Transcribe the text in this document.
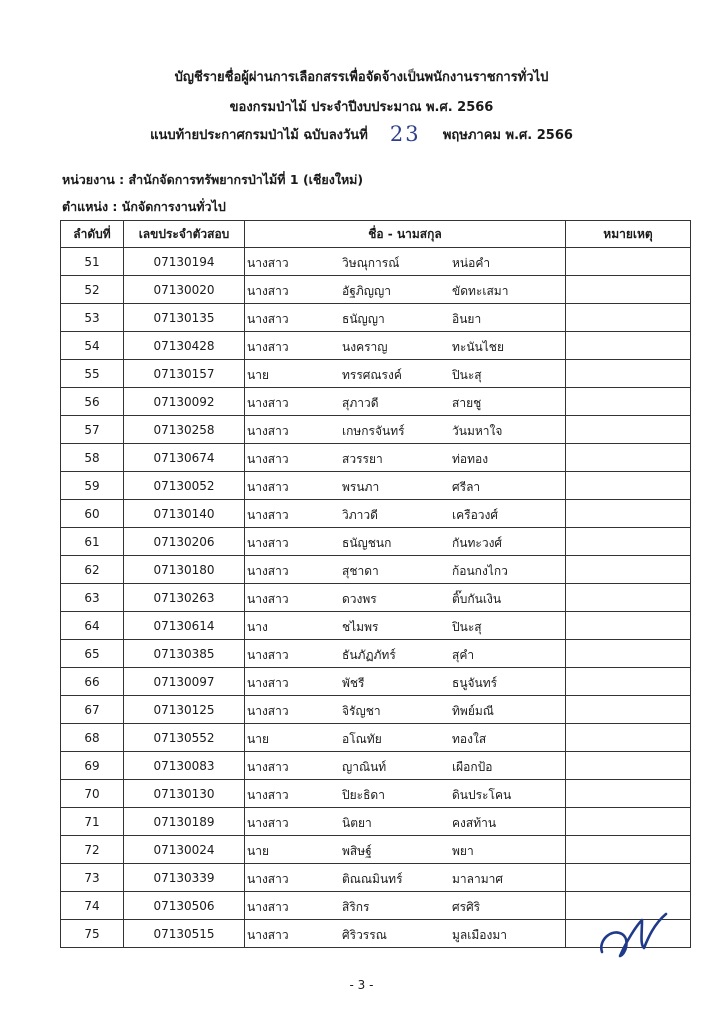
บัญชีรายชื่อผู้ผ่านการเลือกสรรเพื่อจัดจ้างเป็นพนักงานราชการทั่วไป
ของกรมป่าไม้ ประจำปีงบประมาณ พ.ศ. 2566
แนบท้ายประกาศกรมป่าไม้ ฉบับลงวันที่ 23 พฤษภาคม พ.ศ. 2566
หน่วยงาน : สำนักจัดการทรัพยากรป่าไม้ที่ 1 (เชียงใหม่)
ตำแหน่ง : นักจัดการงานทั่วไป
ลำดับที่	เลขประจำตัวสอบ	ชื่อ - นามสกุล	หมายเหตุ
51	07130194	นางสาว วิษณุการณ์ หน่อคำ	

52	07130020	นางสาว อัฐภิญญา ขัดทะเสมา	

53	07130135	นางสาว ธนัญญา อินยา	

54	07130428	นางสาว นงคราญ ทะนันไชย	

55	07130157	นาย ทรรศณรงค์ ปินะสุ	

56	07130092	นางสาว สุภาวดี สายชู	

57	07130258	นางสาว เกษกรจันทร์ วันมหาใจ	

58	07130674	นางสาว สวรรยา ท่อทอง	

59	07130052	นางสาว พรนภา ศรีลา	

60	07130140	นางสาว วิภาวดี เครือวงศ์	

61	07130206	นางสาว ธนัญชนก กันทะวงศ์	

62	07130180	นางสาว สุชาดา ก้อนกงไกว	

63	07130263	นางสาว ดวงพร ติ๊บกันเงิน	

64	07130614	นาง ชไมพร ปินะสุ	

65	07130385	นางสาว ธันภัฏภัทร์ สุคำ	

66	07130097	นางสาว พัชรี ธนูจันทร์	

67	07130125	นางสาว จิรัญชา ทิพย์มณี	

68	07130552	นาย อโณทัย ทองใส	

69	07130083	นางสาว ญาณินท์ เผือกป้อ	

70	07130130	นางสาว ปิยะธิดา ดินประโคน	

71	07130189	นางสาว นิตยา คงสท้าน	

72	07130024	นาย พสิษฐ์ พยา	

73	07130339	นางสาว ติณณมินทร์ มาลามาศ	

74	07130506	นางสาว สิริกร ศรศิริ	

75	07130515	นางสาว ศิริวรรณ มูลเมืองมา	

- 3 -
